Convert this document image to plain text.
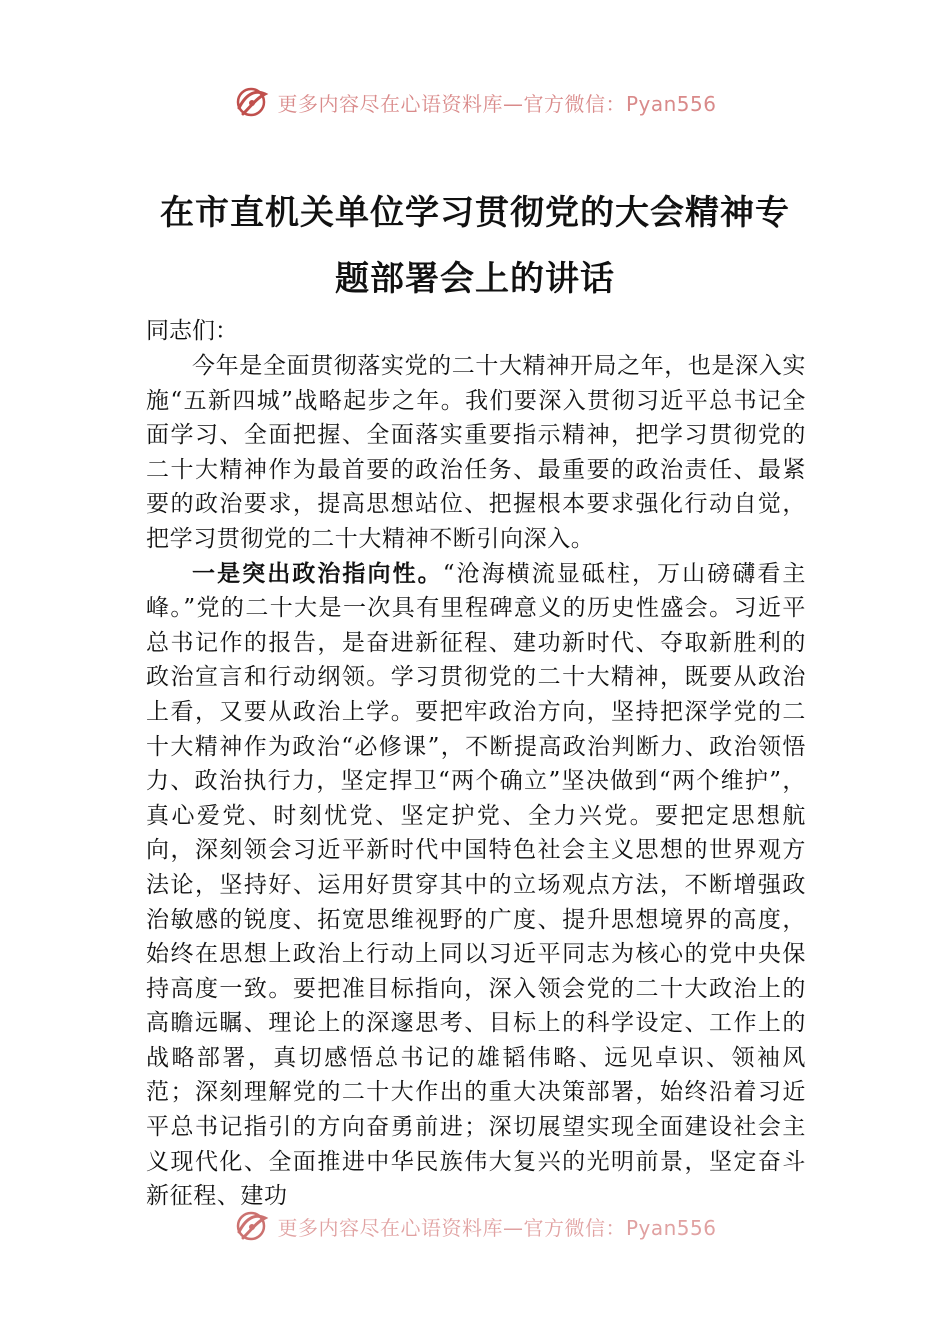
更多内容尽在心语资料库—官方微信：Pyan556
在市直机关单位学习贯彻党的大会精神专
题部署会上的讲话

同志们：

今年是全面贯彻落实党的二十大精神开局之年，也是深入实施“五新四城”战略起步之年。我们要深入贯彻习近平总书记全面学习、全面把握、全面落实重要指示精神，把学习贯彻党的二十大精神作为最首要的政治任务、最重要的政治责任、最紧要的政治要求，提高思想站位、把握根本要求强化行动自觉，把学习贯彻党的二十大精神不断引向深入。

一是突出政治指向性。“沧海横流显砥柱，万山磅礴看主峰。”党的二十大是一次具有里程碑意义的历史性盛会。习近平总书记作的报告，是奋进新征程、建功新时代、夺取新胜利的政治宣言和行动纲领。学习贯彻党的二十大精神，既要从政治上看，又要从政治上学。要把牢政治方向，坚持把深学党的二十大精神作为政治“必修课”，不断提高政治判断力、政治领悟力、政治执行力，坚定捍卫“两个确立”坚决做到“两个维护”，真心爱党、时刻忧党、坚定护党、全力兴党。要把定思想航向，深刻领会习近平新时代中国特色社会主义思想的世界观方法论，坚持好、运用好贯穿其中的立场观点方法，不断增强政治敏感的锐度、拓宽思维视野的广度、提升思想境界的高度，始终在思想上政治上行动上同以习近平同志为核心的党中央保持高度一致。要把准目标指向，深入领会党的二十大政治上的高瞻远瞩、理论上的深邃思考、目标上的科学设定、工作上的战略部署，真切感悟总书记的雄韬伟略、远见卓识、领袖风范；深刻理解党的二十大作出的重大决策部署，始终沿着习近平总书记指引的方向奋勇前进；深切展望实现全面建设社会主义现代化、全面推进中华民族伟大复兴的光明前景，坚定奋斗新征程、建功

更多内容尽在心语资料库—官方微信：Pyan556
